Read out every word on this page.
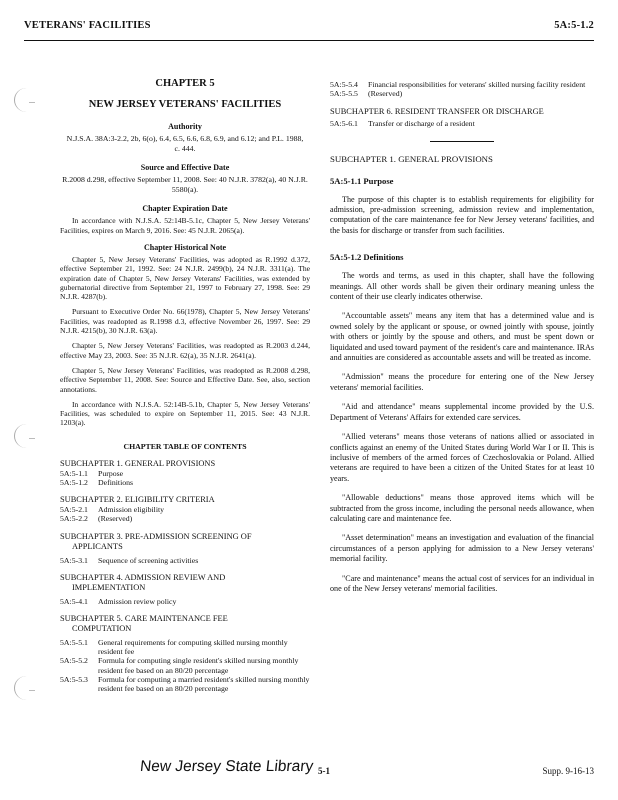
VETERANS' FACILITIES	5A:5-1.2
CHAPTER 5
NEW JERSEY VETERANS' FACILITIES
Authority
N.J.S.A. 38A:3-2.2, 2b, 6(o), 6.4, 6.5, 6.6, 6.8, 6.9, and 6.12; and P.L. 1988, c. 444.
Source and Effective Date
R.2008 d.298, effective September 11, 2008. See: 40 N.J.R. 3782(a), 40 N.J.R. 5580(a).
Chapter Expiration Date
In accordance with N.J.S.A. 52:14B-5.1c, Chapter 5, New Jersey Veterans' Facilities, expires on March 9, 2016. See: 45 N.J.R. 2065(a).
Chapter Historical Note

Chapter 5, New Jersey Veterans' Facilities, was adopted as R.1992 d.372, effective September 21, 1992. See: 24 N.J.R. 2499(b), 24 N.J.R. 3311(a). The expiration date of Chapter 5, New Jersey Veterans' Facilities, was extended by gubernatorial directive from September 21, 1997 to February 27, 1998. See: 29 N.J.R. 4287(b).

Pursuant to Executive Order No. 66(1978), Chapter 5, New Jersey Veterans' Facilities, was readopted as R.1998 d.3, effective November 26, 1997. See: 29 N.J.R. 4215(b), 30 N.J.R. 63(a).

Chapter 5, New Jersey Veterans' Facilities, was readopted as R.2003 d.244, effective May 23, 2003. See: 35 N.J.R. 62(a), 35 N.J.R. 2641(a).

Chapter 5, New Jersey Veterans' Facilities, was readopted as R.2008 d.298, effective September 11, 2008. See: Source and Effective Date. See, also, section annotations.

In accordance with N.J.S.A. 52:14B-5.1b, Chapter 5, New Jersey Veterans' Facilities, was scheduled to expire on September 11, 2015. See: 43 N.J.R. 1203(a).

CHAPTER TABLE OF CONTENTS
SUBCHAPTER 1. GENERAL PROVISIONS
5A:5-1.1	Purpose
5A:5-1.2	Definitions
SUBCHAPTER 2. ELIGIBILITY CRITERIA
5A:5-2.1	Admission eligibility
5A:5-2.2	(Reserved)
SUBCHAPTER 3. PRE-ADMISSION SCREENING OF
APPLICANTS
5A:5-3.1	Sequence of screening activities
SUBCHAPTER 4. ADMISSION REVIEW AND
IMPLEMENTATION
5A:5-4.1	Admission review policy
SUBCHAPTER 5. CARE MAINTENANCE FEE
COMPUTATION
5A:5-5.1	General requirements for computing skilled nursing monthly resident fee
5A:5-5.2	Formula for computing single resident's skilled nursing monthly resident fee based on an 80/20 percentage
5A:5-5.3	Formula for computing a married resident's skilled nursing monthly resident fee based on an 80/20 percentage
5A:5-5.4	Financial responsibilities for veterans' skilled nursing facility resident
5A:5-5.5	(Reserved)
SUBCHAPTER 6. RESIDENT TRANSFER OR DISCHARGE
5A:5-6.1	Transfer or discharge of a resident
SUBCHAPTER 1. GENERAL PROVISIONS
5A:5-1.1 Purpose

The purpose of this chapter is to establish requirements for eligibility for admission, pre-admission screening, admission review and implementation, computation of the care maintenance fee for New Jersey veterans' facilities, and the basis for discharge or transfer from such facilities.

5A:5-1.2 Definitions

The words and terms, as used in this chapter, shall have the following meanings. All other words shall be given their ordinary meaning unless the content of their use clearly indicates otherwise.

"Accountable assets" means any item that has a determined value and is owned solely by the applicant or spouse, or owned jointly with spouse, jointly with others or jointly by the spouse and others, and must be spent down or liquidated and used toward payment of the resident's care and maintenance. IRAs and annuities are considered as accountable assets and will be treated as income.

"Admission" means the procedure for entering one of the New Jersey veterans' memorial facilities.

"Aid and attendance" means supplemental income provided by the U.S. Department of Veterans' Affairs for extended care services.

"Allied veterans" means those veterans of nations allied or associated in conflicts against an enemy of the United States during World War I or II. This is inclusive of members of the armed forces of Czechoslovakia or Poland. Allied veterans are required to have been a citizen of the United States for at least 10 years.

"Allowable deductions" means those approved items which will be subtracted from the gross income, including the personal needs allowance, when calculating care and maintenance fee.

"Asset determination" means an investigation and evaluation of the financial circumstances of a person applying for admission to a New Jersey veterans' memorial facility.

"Care and maintenance" means the actual cost of services for an individual in one of the New Jersey veterans' memorial facilities.

New Jersey State Library 5-1	Supp. 9-16-13
